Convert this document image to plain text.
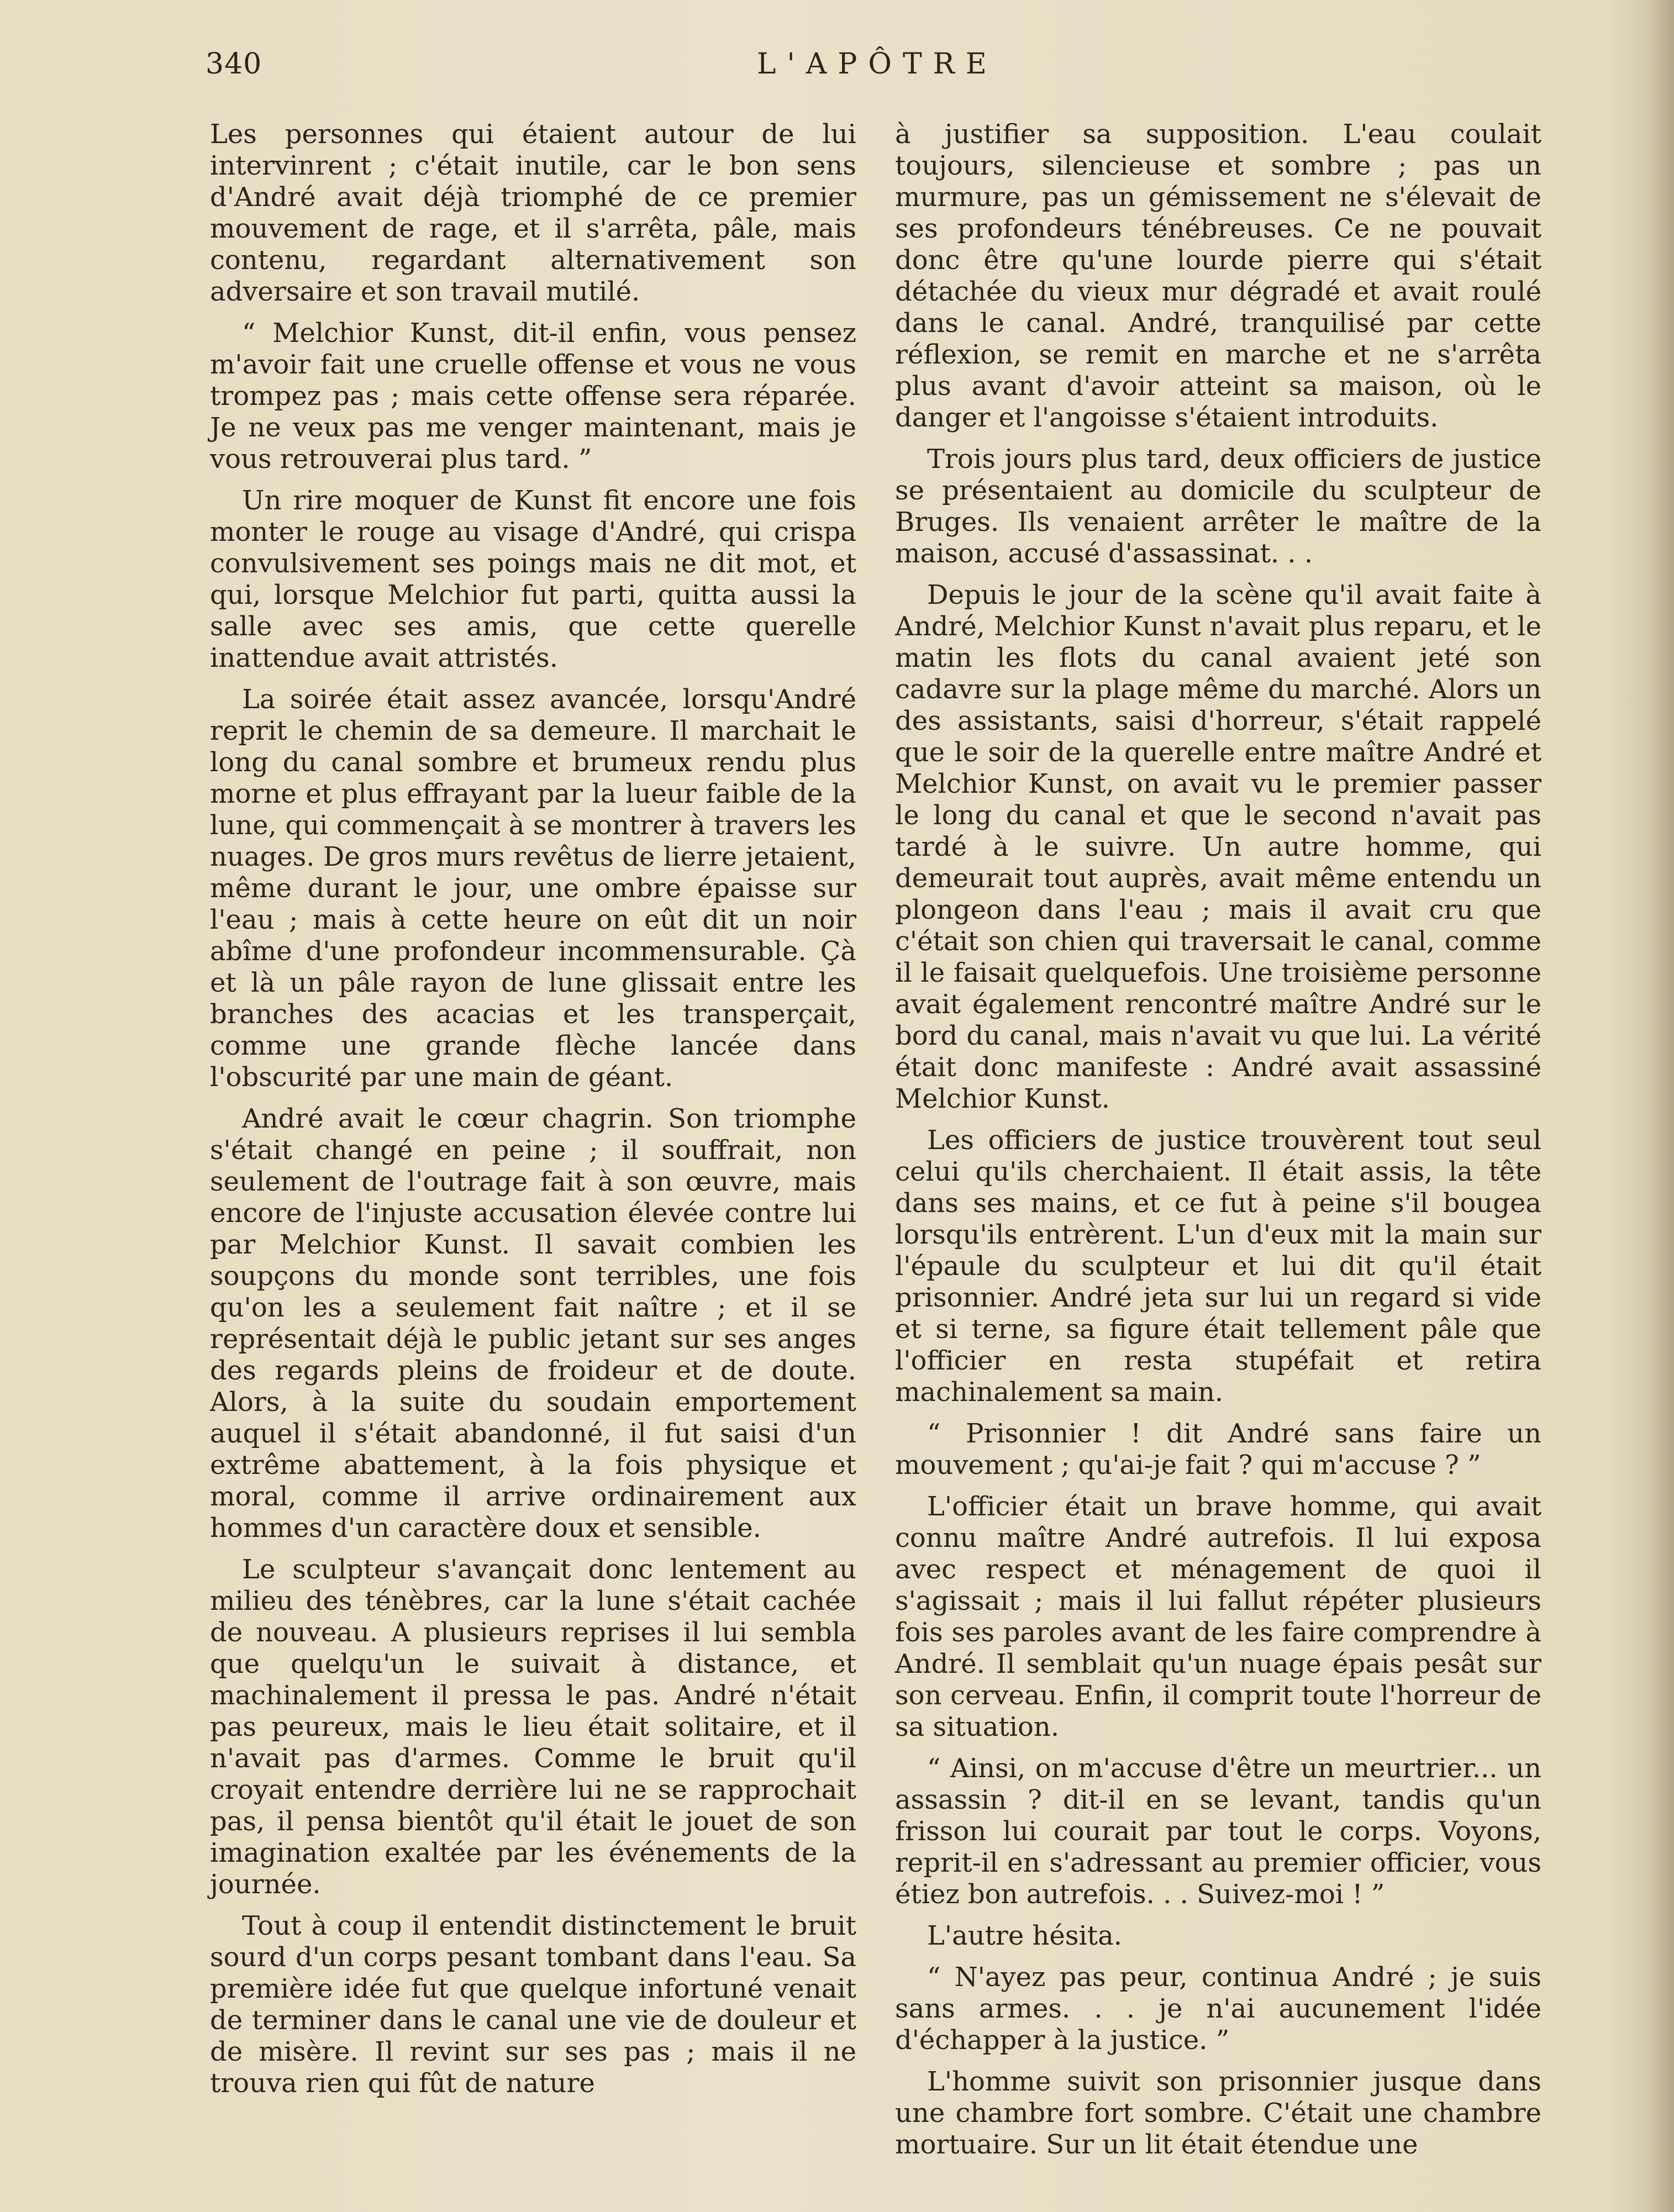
340	L'APÔTRE

Les personnes qui étaient autour de lui intervinrent ; c'était inutile, car le bon sens d'André avait déjà triomphé de ce premier mouvement de rage, et il s'arrêta, pâle, mais contenu, regardant alternativement son adversaire et son travail mutilé.

“ Melchior Kunst, dit-il enfin, vous pensez m'avoir fait une cruelle offense et vous ne vous trompez pas ; mais cette offense sera réparée. Je ne veux pas me venger maintenant, mais je vous retrouverai plus tard. ”

Un rire moquer de Kunst fit encore une fois monter le rouge au visage d'André, qui crispa convulsivement ses poings mais ne dit mot, et qui, lorsque Melchior fut parti, quitta aussi la salle avec ses amis, que cette querelle inattendue avait attristés.

La soirée était assez avancée, lorsqu'André reprit le chemin de sa demeure. Il marchait le long du canal sombre et brumeux rendu plus morne et plus effrayant par la lueur faible de la lune, qui commençait à se montrer à travers les nuages. De gros murs revêtus de lierre jetaient, même durant le jour, une ombre épaisse sur l'eau ; mais à cette heure on eût dit un noir abîme d'une profondeur incommensurable. Çà et là un pâle rayon de lune glissait entre les branches des acacias et les transperçait, comme une grande flèche lancée dans l'obscurité par une main de géant.

André avait le cœur chagrin. Son triomphe s'était changé en peine ; il souffrait, non seulement de l'outrage fait à son œuvre, mais encore de l'injuste accusation élevée contre lui par Melchior Kunst. Il savait combien les soupçons du monde sont terribles, une fois qu'on les a seulement fait naître ; et il se représentait déjà le public jetant sur ses anges des regards pleins de froideur et de doute. Alors, à la suite du soudain emportement auquel il s'était abandonné, il fut saisi d'un extrême abattement, à la fois physique et moral, comme il arrive ordinairement aux hommes d'un caractère doux et sensible.

Le sculpteur s'avançait donc lentement au milieu des ténèbres, car la lune s'était cachée de nouveau. A plusieurs reprises il lui sembla que quelqu'un le suivait à distance, et machinalement il pressa le pas. André n'était pas peureux, mais le lieu était solitaire, et il n'avait pas d'armes. Comme le bruit qu'il croyait entendre derrière lui ne se rapprochait pas, il pensa bientôt qu'il était le jouet de son imagination exaltée par les événements de la journée.

Tout à coup il entendit distinctement le bruit sourd d'un corps pesant tombant dans l'eau. Sa première idée fut que quelque infortuné venait de terminer dans le canal une vie de douleur et de misère. Il revint sur ses pas ; mais il ne trouva rien qui fût de nature

à justifier sa supposition. L'eau coulait toujours, silencieuse et sombre ; pas un murmure, pas un gémissement ne s'élevait de ses profondeurs ténébreuses. Ce ne pouvait donc être qu'une lourde pierre qui s'était détachée du vieux mur dégradé et avait roulé dans le canal. André, tranquilisé par cette réflexion, se remit en marche et ne s'arrêta plus avant d'avoir atteint sa maison, où le danger et l'angoisse s'étaient introduits.

Trois jours plus tard, deux officiers de justice se présentaient au domicile du sculpteur de Bruges. Ils venaient arrêter le maître de la maison, accusé d'assassinat. . .

Depuis le jour de la scène qu'il avait faite à André, Melchior Kunst n'avait plus reparu, et le matin les flots du canal avaient jeté son cadavre sur la plage même du marché. Alors un des assistants, saisi d'horreur, s'était rappelé que le soir de la querelle entre maître André et Melchior Kunst, on avait vu le premier passer le long du canal et que le second n'avait pas tardé à le suivre. Un autre homme, qui demeurait tout auprès, avait même entendu un plongeon dans l'eau ; mais il avait cru que c'était son chien qui traversait le canal, comme il le faisait quelquefois. Une troisième personne avait également rencontré maître André sur le bord du canal, mais n'avait vu que lui. La vérité était donc manifeste : André avait assassiné Melchior Kunst.

Les officiers de justice trouvèrent tout seul celui qu'ils cherchaient. Il était assis, la tête dans ses mains, et ce fut à peine s'il bougea lorsqu'ils entrèrent. L'un d'eux mit la main sur l'épaule du sculpteur et lui dit qu'il était prisonnier. André jeta sur lui un regard si vide et si terne, sa figure était tellement pâle que l'officier en resta stupéfait et retira machinalement sa main.

“ Prisonnier ! dit André sans faire un mouvement ; qu'ai-je fait ? qui m'accuse ? ”

L'officier était un brave homme, qui avait connu maître André autrefois. Il lui exposa avec respect et ménagement de quoi il s'agissait ; mais il lui fallut répéter plusieurs fois ses paroles avant de les faire comprendre à André. Il semblait qu'un nuage épais pesât sur son cerveau. Enfin, il comprit toute l'horreur de sa situation.

“ Ainsi, on m'accuse d'être un meurtrier... un assassin ? dit-il en se levant, tandis qu'un frisson lui courait par tout le corps. Voyons, reprit-il en s'adressant au premier officier, vous étiez bon autrefois. . . Suivez-moi ! ”

L'autre hésita.

“ N'ayez pas peur, continua André ; je suis sans armes. . . je n'ai aucunement l'idée d'échapper à la justice. ”

L'homme suivit son prisonnier jusque dans une chambre fort sombre. C'était une chambre mortuaire. Sur un lit était étendue une
